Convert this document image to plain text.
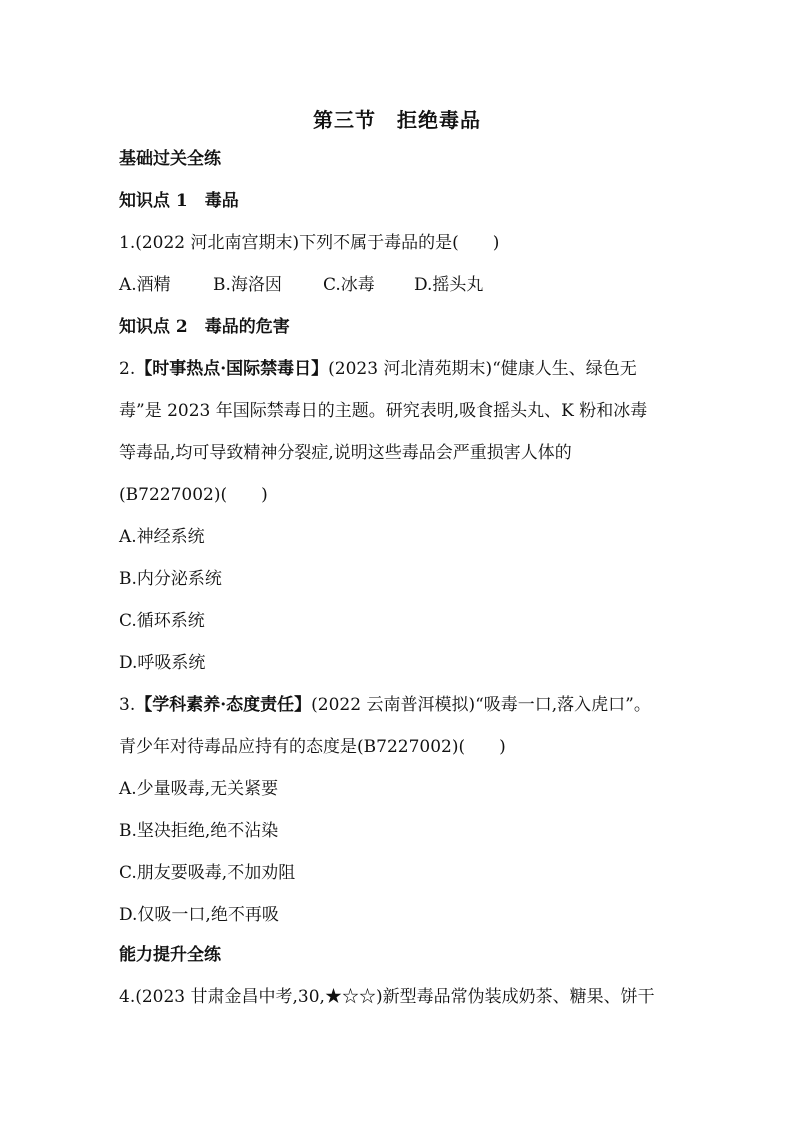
第三节　拒绝毒品
基础过关全练
知识点 1　毒品
1.(2022 河北南宫期末)下列不属于毒品的是(　　)
A.酒精 B.海洛因 C.冰毒 D.摇头丸
知识点 2　毒品的危害
2.【时事热点·国际禁毒日】(2023 河北清苑期末)“健康人生、绿色无
毒”是 2023 年国际禁毒日的主题。研究表明,吸食摇头丸、K 粉和冰毒
等毒品,均可导致精神分裂症,说明这些毒品会严重损害人体的
(B7227002)(　　)
A.神经系统
B.内分泌系统
C.循环系统
D.呼吸系统
3.【学科素养·态度责任】(2022 云南普洱模拟)“吸毒一口,落入虎口”。
青少年对待毒品应持有的态度是(B7227002)(　　)
A.少量吸毒,无关紧要
B.坚决拒绝,绝不沾染
C.朋友要吸毒,不加劝阻
D.仅吸一口,绝不再吸
能力提升全练
4.(2023 甘肃金昌中考,30,★☆☆)新型毒品常伪装成奶茶、糖果、饼干
